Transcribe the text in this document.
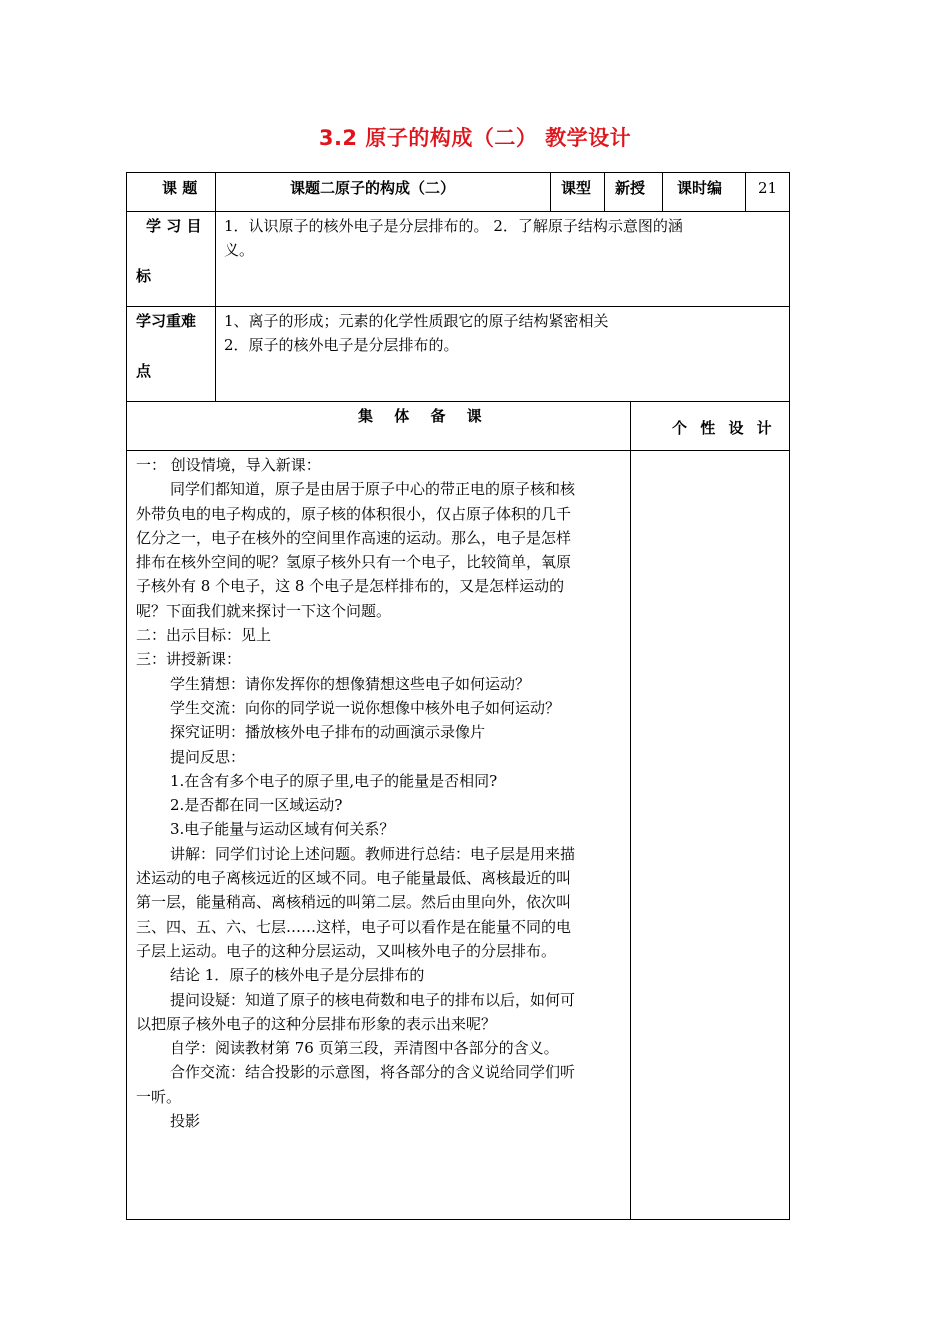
3.2 原子的构成（二） 教学设计
课 题	课题二原子的构成（二）	课型 新授 课时编 21
学 习 目
标
1．认识原子的核外电子是分层排布的。 2．了解原子结构示意图的涵
义。
学习重难
点
1、离子的形成；元素的化学性质跟它的原子结构紧密相关
2．原子的核外电子是分层排布的。
集 体 备 课
个 性 设 计
一： 创设情境，导入新课：
同学们都知道，原子是由居于原子中心的带正电的原子核和核
外带负电的电子构成的，原子核的体积很小，仅占原子体积的几千
亿分之一，电子在核外的空间里作高速的运动。那么，电子是怎样
排布在核外空间的呢？氢原子核外只有一个电子，比较简单，氧原
子核外有 8 个电子，这 8 个电子是怎样排布的，又是怎样运动的
呢？下面我们就来探讨一下这个问题。
二：出示目标：见上
三：讲授新课：
学生猜想：请你发挥你的想像猜想这些电子如何运动？
学生交流：向你的同学说一说你想像中核外电子如何运动？
探究证明：播放核外电子排布的动画演示录像片
提问反思：
1.在含有多个电子的原子里,电子的能量是否相同?
2.是否都在同一区域运动?
3.电子能量与运动区域有何关系？
讲解：同学们讨论上述问题。教师进行总结：电子层是用来描
述运动的电子离核远近的区域不同。电子能量最低、离核最近的叫
第一层，能量稍高、离核稍远的叫第二层。然后由里向外，依次叫
三、四、五、六、七层……这样，电子可以看作是在能量不同的电
子层上运动。电子的这种分层运动，又叫核外电子的分层排布。
结论 1．原子的核外电子是分层排布的
提问设疑：知道了原子的核电荷数和电子的排布以后，如何可
以把原子核外电子的这种分层排布形象的表示出来呢？
自学：阅读教材第 76 页第三段，弄清图中各部分的含义。
合作交流：结合投影的示意图，将各部分的含义说给同学们听
一听。
投影
